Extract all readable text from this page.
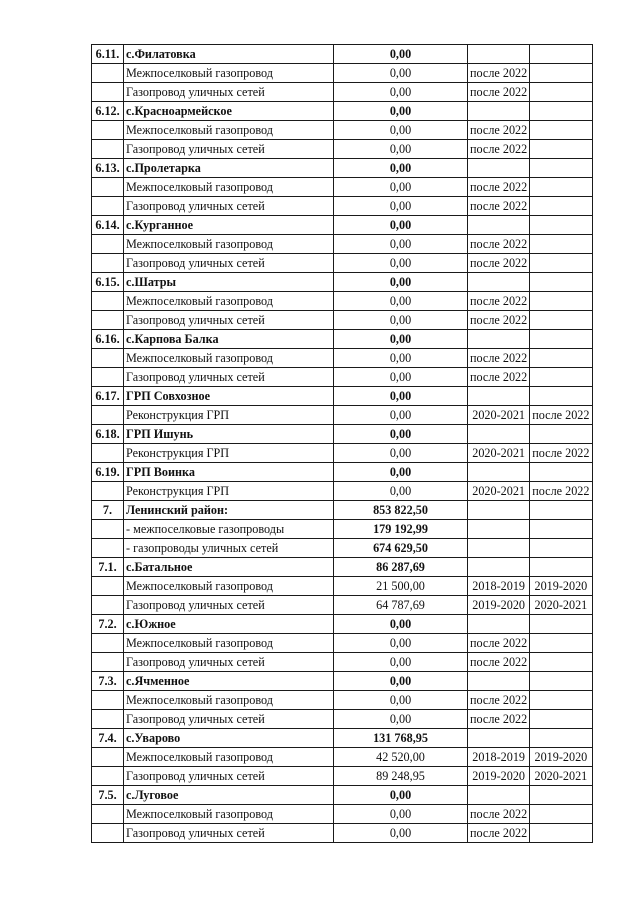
6.11.	с.Филатовка	0,00		
	Межпоселковый газопровод	0,00	после 2022	
	Газопровод уличных сетей	0,00	после 2022	
6.12.	с.Красноармейское	0,00		
	Межпоселковый газопровод	0,00	после 2022	
	Газопровод уличных сетей	0,00	после 2022	
6.13.	с.Пролетарка	0,00		
	Межпоселковый газопровод	0,00	после 2022	
	Газопровод уличных сетей	0,00	после 2022	
6.14.	с.Курганное	0,00		
	Межпоселковый газопровод	0,00	после 2022	
	Газопровод уличных сетей	0,00	после 2022	
6.15.	с.Шатры	0,00		
	Межпоселковый газопровод	0,00	после 2022	
	Газопровод уличных сетей	0,00	после 2022	
6.16.	с.Карпова Балка	0,00		
	Межпоселковый газопровод	0,00	после 2022	
	Газопровод уличных сетей	0,00	после 2022	
6.17.	ГРП Совхозное	0,00		
	Реконструкция ГРП	0,00	2020-2021	после 2022
6.18.	ГРП Ишунь	0,00		
	Реконструкция ГРП	0,00	2020-2021	после 2022
6.19.	ГРП Воинка	0,00		
	Реконструкция ГРП	0,00	2020-2021	после 2022
7.	Ленинский район:	853 822,50		
	- межпоселковые газопроводы	179 192,99		
	- газопроводы уличных сетей	674 629,50		
7.1.	с.Батальное	86 287,69		
	Межпоселковый газопровод	21 500,00	2018-2019	2019-2020
	Газопровод уличных сетей	64 787,69	2019-2020	2020-2021
7.2.	с.Южное	0,00		
	Межпоселковый газопровод	0,00	после 2022	
	Газопровод уличных сетей	0,00	после 2022	
7.3.	с.Ячменное	0,00		
	Межпоселковый газопровод	0,00	после 2022	
	Газопровод уличных сетей	0,00	после 2022	
7.4.	с.Уварово	131 768,95		
	Межпоселковый газопровод	42 520,00	2018-2019	2019-2020
	Газопровод уличных сетей	89 248,95	2019-2020	2020-2021
7.5.	с.Луговое	0,00		
	Межпоселковый газопровод	0,00	после 2022	
	Газопровод уличных сетей	0,00	после 2022	
